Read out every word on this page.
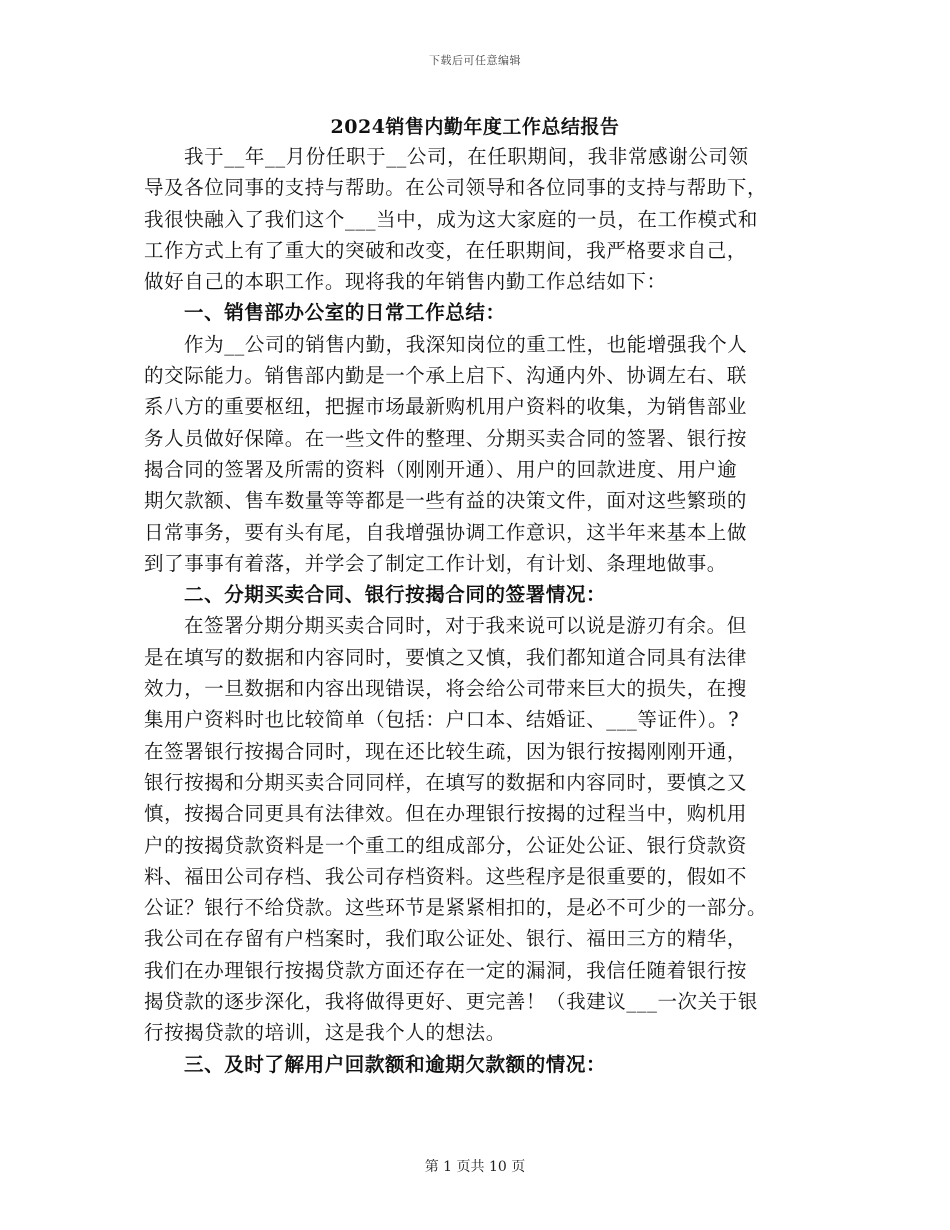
下载后可任意编辑
2024销售内勤年度工作总结报告
我于__年__月份任职于__公司，在任职期间，我非常感谢公司领
导及各位同事的支持与帮助。在公司领导和各位同事的支持与帮助下，
我很快融入了我们这个___当中，成为这大家庭的一员，在工作模式和
工作方式上有了重大的突破和改变，在任职期间，我严格要求自己，
做好自己的本职工作。现将我的年销售内勤工作总结如下：
一、销售部办公室的日常工作总结：
作为__公司的销售内勤，我深知岗位的重工性，也能增强我个人
的交际能力。销售部内勤是一个承上启下、沟通内外、协调左右、联
系八方的重要枢纽，把握市场最新购机用户资料的收集，为销售部业
务人员做好保障。在一些文件的整理、分期买卖合同的签署、银行按
揭合同的签署及所需的资料（刚刚开通）、用户的回款进度、用户逾
期欠款额、售车数量等等都是一些有益的决策文件，面对这些繁琐的
日常事务，要有头有尾，自我增强协调工作意识，这半年来基本上做
到了事事有着落，并学会了制定工作计划，有计划、条理地做事。
二、分期买卖合同、银行按揭合同的签署情况：
在签署分期分期买卖合同时，对于我来说可以说是游刃有余。但
是在填写的数据和内容同时，要慎之又慎，我们都知道合同具有法律
效力，一旦数据和内容出现错误，将会给公司带来巨大的损失，在搜
集用户资料时也比较简单（包括：户口本、结婚证、___等证件）。?
在签署银行按揭合同时，现在还比较生疏，因为银行按揭刚刚开通，
银行按揭和分期买卖合同同样，在填写的数据和内容同时，要慎之又
慎，按揭合同更具有法律效。但在办理银行按揭的过程当中，购机用
户的按揭贷款资料是一个重工的组成部分，公证处公证、银行贷款资
料、福田公司存档、我公司存档资料。这些程序是很重要的，假如不
公证？银行不给贷款。这些环节是紧紧相扣的，是必不可少的一部分。
我公司在存留有户档案时，我们取公证处、银行、福田三方的精华，
我们在办理银行按揭贷款方面还存在一定的漏洞，我信任随着银行按
揭贷款的逐步深化，我将做得更好、更完善！（我建议___一次关于银
行按揭贷款的培训，这是我个人的想法。
三、及时了解用户回款额和逾期欠款额的情况：
第 1 页共 10 页
